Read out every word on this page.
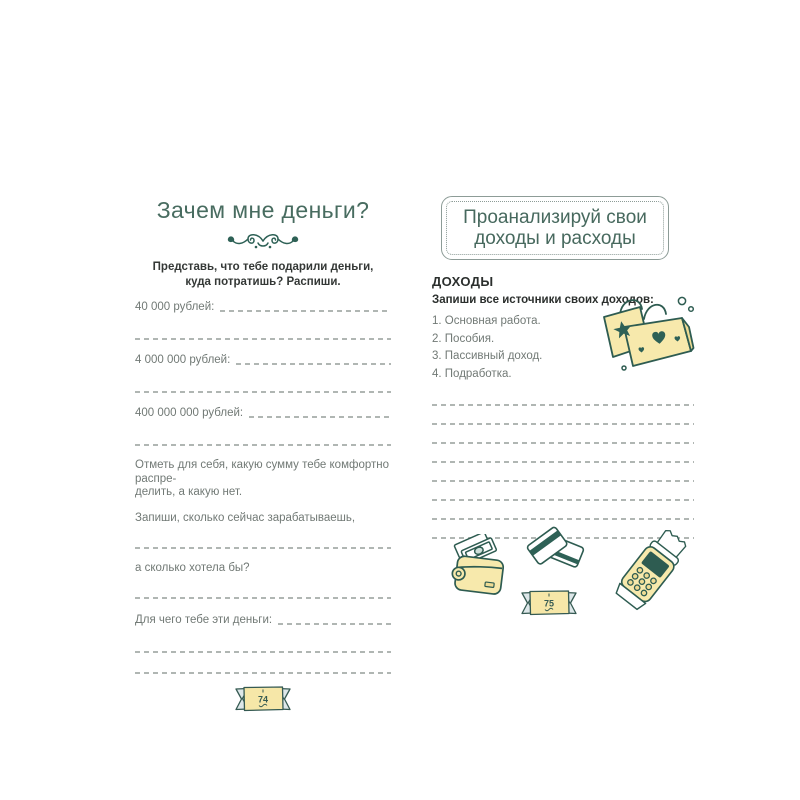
Зачем мне деньги?
Представь, что тебе подарили деньги,
куда потратишь? Распиши.
40 000 рублей:
4 000 000 рублей:
400 000 000 рублей:
Отметь для себя, какую сумму тебе комфортно распре-
делить, а какую нет.
Запиши, сколько сейчас зарабатываешь,
а сколько хотела бы?
Для чего тебе эти деньги:
74
Проанализируй свои
доходы и расходы
ДОХОДЫ
Запиши все источники своих доходов:
1. Основная работа.
2. Пособия.
3. Пассивный доход.
4. Подработка.
75
